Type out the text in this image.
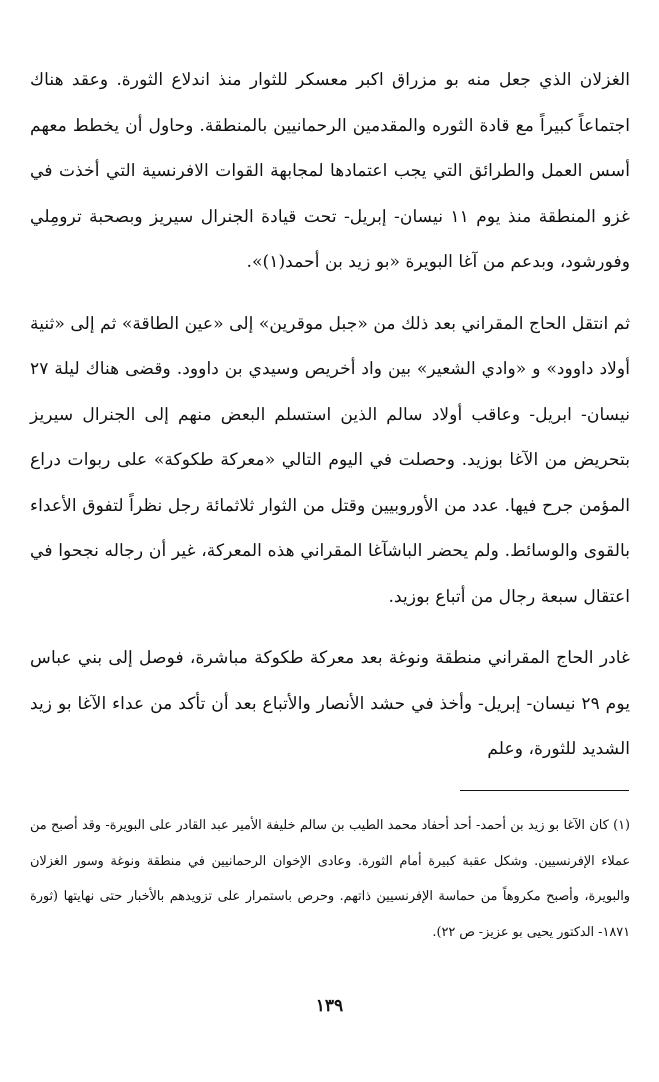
الغزلان الذي جعل منه بو مزراق اكبر معسكر للثوار منذ اندلاع الثورة. وعقد هناك اجتماعاً كبيراً مع قادة الثوره والمقدمين الرحمانيين بالمنطقة. وحاول أن يخطط معهم أسس العمل والطرائق التي يجب اعتمادها لمجابهة القوات الافرنسية التي أخذت في غزو المنطقة منذ يوم ١١ نيسان- إبريل- تحت قيادة الجنرال سيريز وبصحبة ترومِلي وفورشود، وبدعم من آغا البويرة «بو زيد بن أحمد(١)».

ثم انتقل الحاج المقراني بعد ذلك من «جبل موقرين» إلى «عين الطاقة» ثم إلى «ثنية أولاد داوود» و «وادي الشعير» بين واد أخريص وسيدي بن داوود. وقضى هناك ليلة ٢٧ نيسان- ابريل- وعاقب أولاد سالم الذين استسلم البعض منهم إلى الجنرال سيريز بتحريض من الآغا بوزيد. وحصلت في اليوم التالي «معركة طكوكة» على ربوات دراع المؤمن جرح فيها. عدد من الأوروبيين وقتل من الثوار ثلاثمائة رجل نظراً لتفوق الأعداء بالقوى والوسائط. ولم يحضر الباشآغا المقراني هذه المعركة، غير أن رجاله نجحوا في اعتقال سبعة رجال من أتباع بوزيد.

غادر الحاج المقراني منطقة ونوغة بعد معركة طكوكة مباشرة، فوصل إلى بني عباس يوم ٢٩ نيسان- إبريل- وأخذ في حشد الأنصار والأتباع بعد أن تأكد من عداء الآغا بو زيد الشديد للثورة، وعلم

(١) كان الآغا بو زيد بن أحمد- أحد أحفاد محمد الطيب بن سالم خليفة الأمير عبد القادر على البويرة- وقد أصبح من عملاء الإفرنسيين. وشكل عقبة كبيرة أمام الثورة. وعادى الإخوان الرحمانيين في منطقة ونوغة وسور الغزلان والبويرة، وأصبح مكروهاً من حماسة الإفرنسيين ذاتهم. وحرص باستمرار على تزويدهم بالأخبار حتى نهايتها (ثورة ١٨٧١- الدكتور يحيى بو عزيز- ص ٢٢).
١٣٩
